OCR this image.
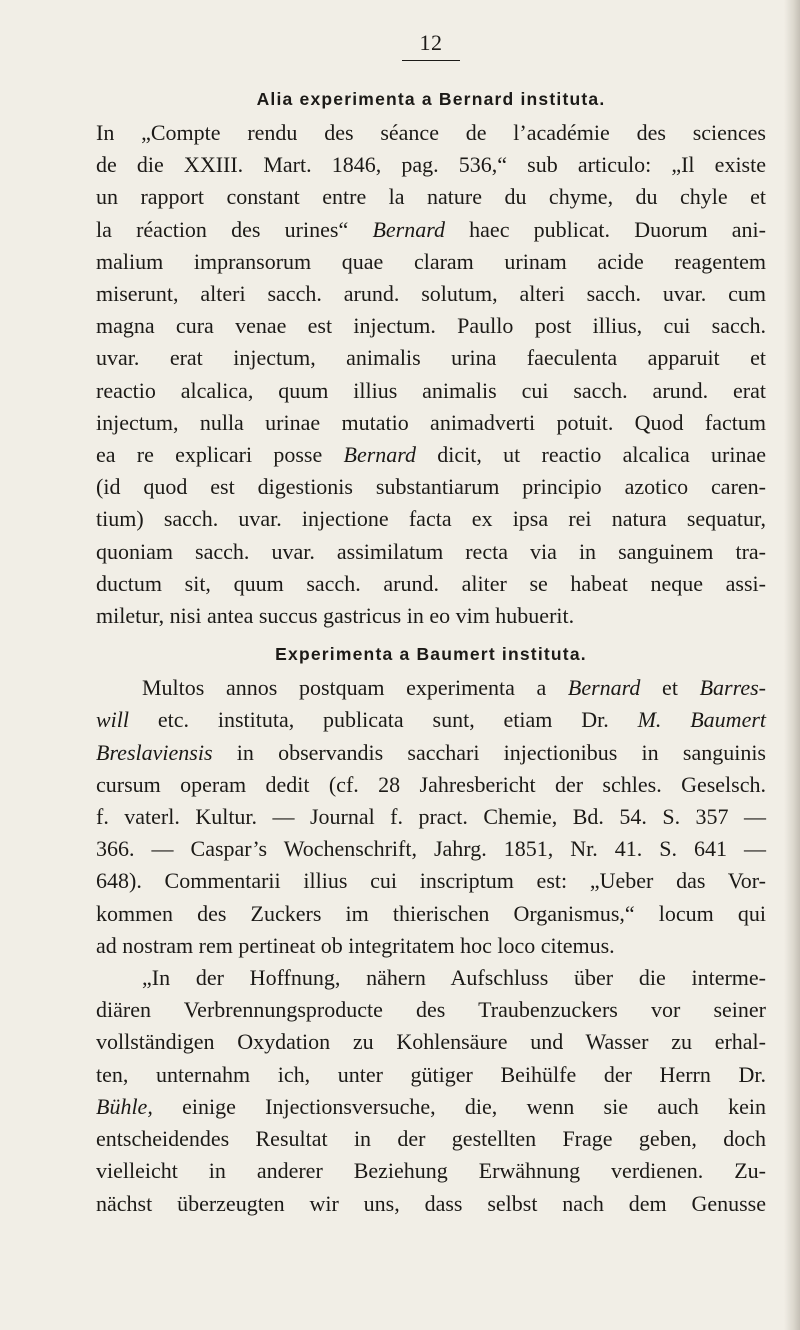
12
Alia experimenta a Bernard instituta.
In „Compte rendu des séance de l’académie des sciences
de die XXIII. Mart. 1846, pag. 536,“ sub articulo: „Il existe
un rapport constant entre la nature du chyme, du chyle et
la réaction des urines“ Bernard haec publicat. Duorum ani-
malium impransorum quae claram urinam acide reagentem
miserunt, alteri sacch. arund. solutum, alteri sacch. uvar. cum
magna cura venae est injectum. Paullo post illius, cui sacch.
uvar. erat injectum, animalis urina faeculenta apparuit et
reactio alcalica, quum illius animalis cui sacch. arund. erat
injectum, nulla urinae mutatio animadverti potuit. Quod factum
ea re explicari posse Bernard dicit, ut reactio alcalica urinae
(id quod est digestionis substantiarum principio azotico caren-
tium) sacch. uvar. injectione facta ex ipsa rei natura sequatur,
quoniam sacch. uvar. assimilatum recta via in sanguinem tra-
ductum sit, quum sacch. arund. aliter se habeat neque assi-
miletur, nisi antea succus gastricus in eo vim hubuerit.
Experimenta a Baumert instituta.
Multos annos postquam experimenta a Bernard et Barres-
will etc. instituta, publicata sunt, etiam Dr. M. Baumert
Breslaviensis in observandis sacchari injectionibus in sanguinis
cursum operam dedit (cf. 28 Jahresbericht der schles. Geselsch.
f. vaterl. Kultur. — Journal f. pract. Chemie, Bd. 54. S. 357 —
366. — Caspar’s Wochenschrift, Jahrg. 1851, Nr. 41. S. 641 —
648). Commentarii illius cui inscriptum est: „Ueber das Vor-
kommen des Zuckers im thierischen Organismus,“ locum qui
ad nostram rem pertineat ob integritatem hoc loco citemus.
„In der Hoffnung, nähern Aufschluss über die interme-
diären Verbrennungsproducte des Traubenzuckers vor seiner
vollständigen Oxydation zu Kohlensäure und Wasser zu erhal-
ten, unternahm ich, unter gütiger Beihülfe der Herrn Dr.
Bühle, einige Injectionsversuche, die, wenn sie auch kein
entscheidendes Resultat in der gestellten Frage geben, doch
vielleicht in anderer Beziehung Erwähnung verdienen. Zu-
nächst überzeugten wir uns, dass selbst nach dem Genusse
